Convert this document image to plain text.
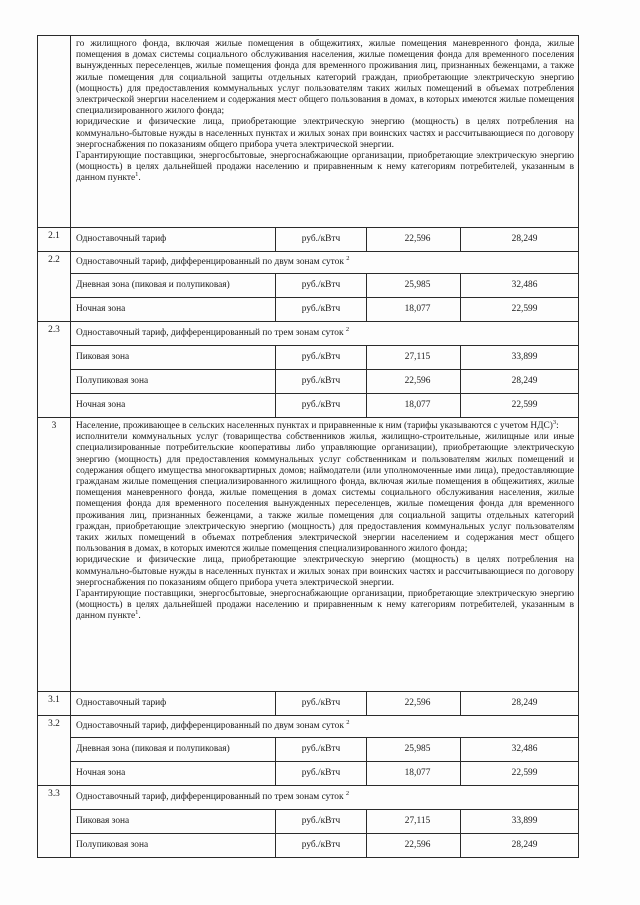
	го жилищного фонда, включая жилые помещения в общежитиях, жилые помещения маневренного фонда, жилые помещения в домах системы социального обслуживания населения, жилые помещения фонда для временного поселения вынужденных переселенцев, жилые помещения фонда для временного проживания лиц, признанных беженцами, а также жилые помещения для социальной защиты отдельных категорий граждан, приобретающие электрическую энергию (мощность) для предоставления коммунальных услуг пользователям таких жилых помещений в объемах потребления электрической энергии населением и содержания мест общего пользования в домах, в которых имеются жилые помещения специализированного жилого фонда;

юридические и физические лица, приобретающие электрическую энергию (мощность) в целях потребления на коммунально-бытовые нужды в населенных пунктах и жилых зонах при воинских частях и рассчитывающиеся по договору энергоснабжения по показаниям общего прибора учета электрической энергии.

Гарантирующие поставщики, энергосбытовые, энергоснабжающие организации, приобретающие электрическую энергию (мощность) в целях дальнейшей продажи населению и приравненным к нему категориям потребителей, указанным в данном пункте$^1$.			

2.1	Одноставочный тариф	руб./кВтч	22,596	28,249
2.2	Одноставочный тариф, дифференцированный по двум зонам суток $^2$
	Дневная зона (пиковая и полупиковая)	руб./кВтч	25,985	32,486
	Ночная зона	руб./кВтч	18,077	22,599
2.3	Одноставочный тариф, дифференцированный по трем зонам суток $^2$
	Пиковая зона	руб./кВтч	27,115	33,899
	Полупиковая зона	руб./кВтч	22,596	28,249
	Ночная зона	руб./кВтч	18,077	22,599
3	Население, проживающее в сельских населенных пунктах и приравненные к ним (тарифы указываются с учетом НДС)$^3$:

исполнители коммунальных услуг (товарищества собственников жилья, жилищно-строительные, жилищные или иные специализированные потребительские кооперативы либо управляющие организации), приобретающие электрическую энергию (мощность) для предоставления коммунальных услуг собственникам и пользователям жилых помещений и содержания общего имущества многоквартирных домов; наймодатели (или уполномоченные ими лица), предоставляющие гражданам жилые помещения специализированного жилищного фонда, включая жилые помещения в общежитиях, жилые помещения маневренного фонда, жилые помещения в домах системы социального обслуживания населения, жилые помещения фонда для временного поселения вынужденных переселенцев, жилые помещения фонда для временного проживания лиц, признанных беженцами, а также жилые помещения для социальной защиты отдельных категорий граждан, приобретающие электрическую энергию (мощность) для предоставления коммунальных услуг пользователям таких жилых помещений в объемах потребления электрической энергии населением и содержания мест общего пользования в домах, в которых имеются жилые помещения специализированного жилого фонда;

юридические и физические лица, приобретающие электрическую энергию (мощность) в целях потребления на коммунально-бытовые нужды в населенных пунктах и жилых зонах при воинских частях и рассчитывающиеся по договору энергоснабжения по показаниям общего прибора учета электрической энергии.

Гарантирующие поставщики, энергосбытовые, энергоснабжающие организации, приобретающие электрическую энергию (мощность) в целях дальнейшей продажи населению и приравненным к нему категориям потребителей, указанным в данном пункте$^1$.			

3.1	Одноставочный тариф	руб./кВтч	22,596	28,249
3.2	Одноставочный тариф, дифференцированный по двум зонам суток $^2$
	Дневная зона (пиковая и полупиковая)	руб./кВтч	25,985	32,486
	Ночная зона	руб./кВтч	18,077	22,599
3.3	Одноставочный тариф, дифференцированный по трем зонам суток $^2$
	Пиковая зона	руб./кВтч	27,115	33,899
	Полупиковая зона	руб./кВтч	22,596	28,249
